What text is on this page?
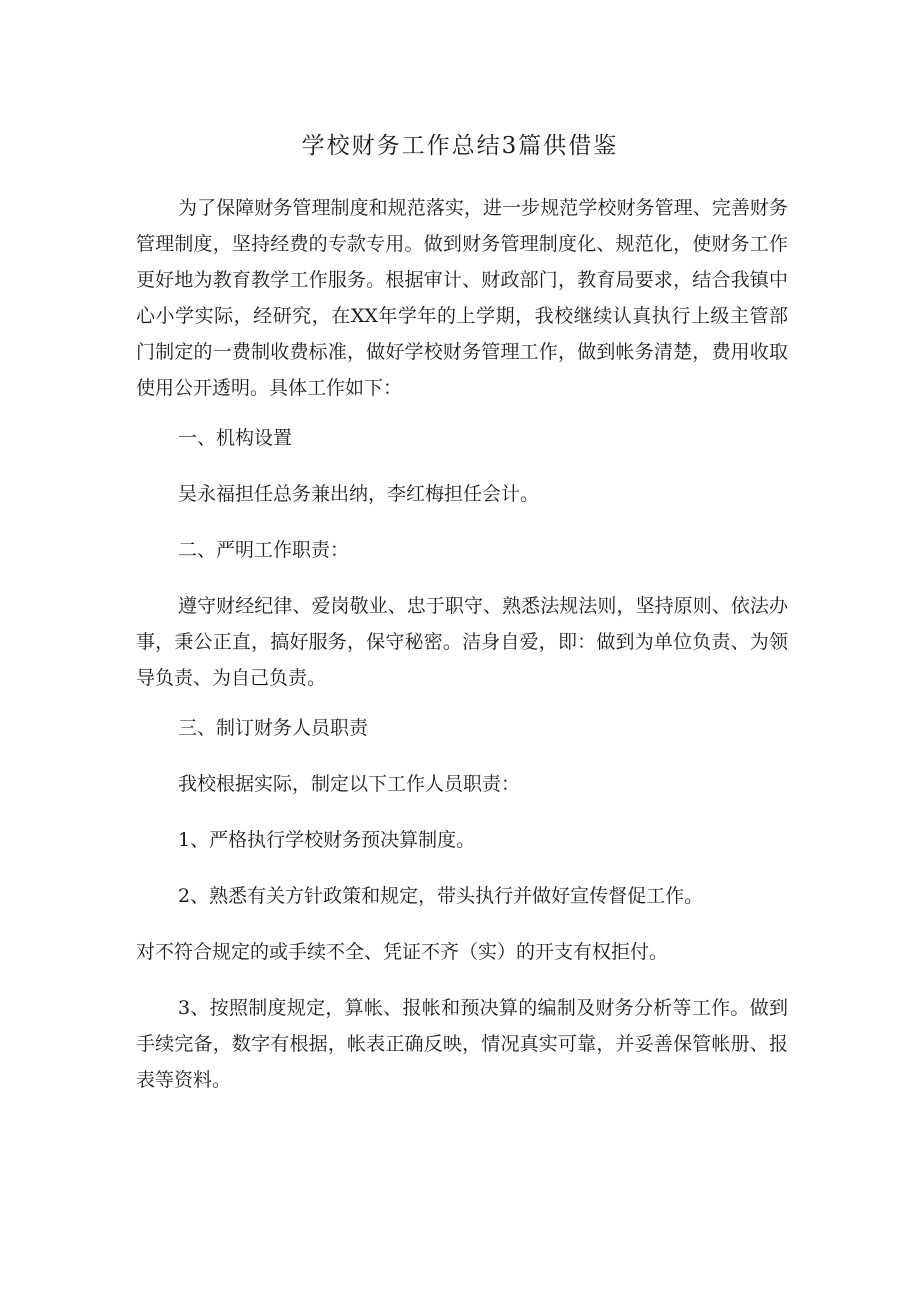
学校财务工作总结3篇供借鉴

为了保障财务管理制度和规范落实，进一步规范学校财务管理、完善财务管理制度，坚持经费的专款专用。做到财务管理制度化、规范化，使财务工作更好地为教育教学工作服务。根据审计、财政部门，教育局要求，结合我镇中心小学实际，经研究，在XX年学年的上学期，我校继续认真执行上级主管部门制定的一费制收费标准，做好学校财务管理工作，做到帐务清楚，费用收取使用公开透明。具体工作如下：

一、机构设置

吴永福担任总务兼出纳，李红梅担任会计。

二、严明工作职责：

遵守财经纪律、爱岗敬业、忠于职守、熟悉法规法则，坚持原则、依法办事，秉公正直，搞好服务，保守秘密。洁身自爱，即：做到为单位负责、为领导负责、为自己负责。

三、制订财务人员职责

我校根据实际，制定以下工作人员职责：

1、严格执行学校财务预决算制度。

2、熟悉有关方针政策和规定，带头执行并做好宣传督促工作。

对不符合规定的或手续不全、凭证不齐（实）的开支有权拒付。

3、按照制度规定，算帐、报帐和预决算的编制及财务分析等工作。做到手续完备，数字有根据，帐表正确反映，情况真实可靠，并妥善保管帐册、报表等资料。
